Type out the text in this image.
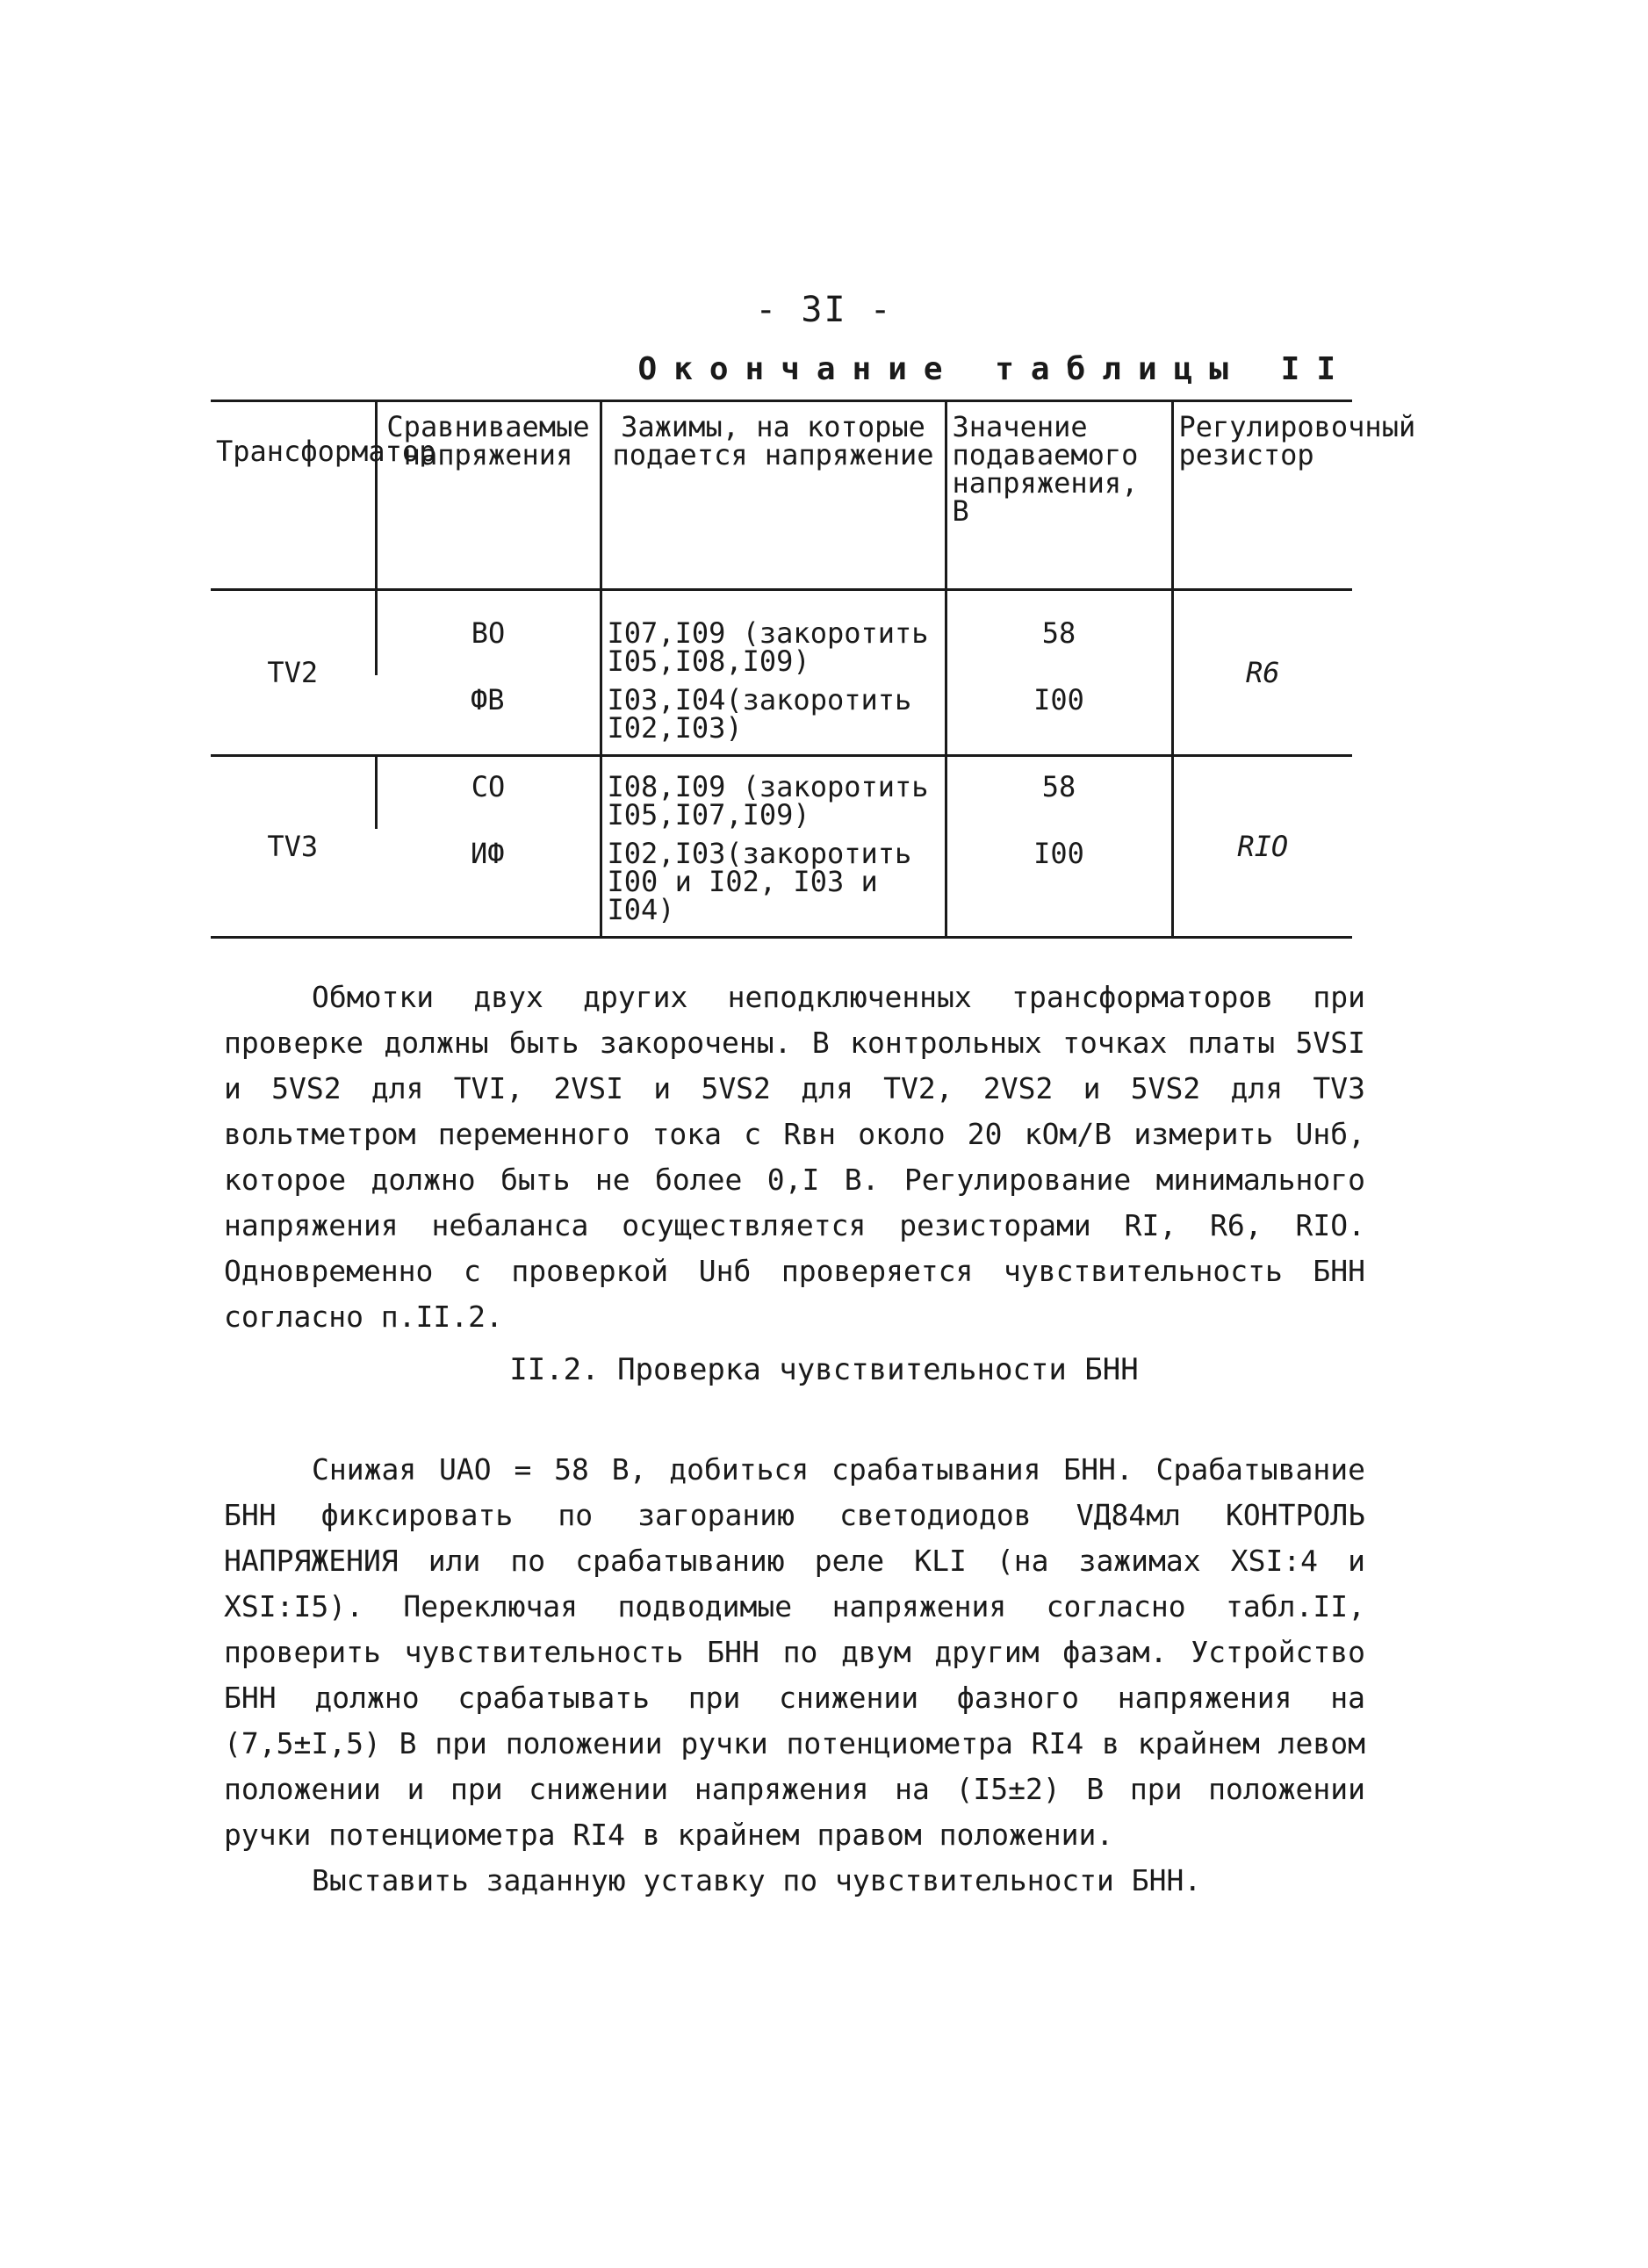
- 3I -
Окончание таблицы II
Трансформатор	Сравниваемые напряжения	Зажимы, на которые подается напряжение	Значение подаваемого напряжения, В	Регулировочный резистор
TV2	ВО	I07,I09 (закоротить I05,I08,I09)	58	R6
	ФВ	I03,I04(закоротить I02,I03)	I00	
TV3	СО	I08,I09 (закоротить I05,I07,I09)	58	RIO
	ИФ	I02,I03(закоротить I00 и I02, I03 и I04)	I00	

Обмотки двух других неподключенных трансформаторов при проверке должны быть закорочены. В контрольных точках платы 5VSI и 5VS2 для TVI, 2VSI и 5VS2 для TV2, 2VS2 и 5VS2 для TV3 вольтметром переменного тока с Rвн около 20 кОм/В измерить Uнб, которое должно быть не более 0,I В. Регулирование минимального напряжения небаланса осуществляется резисторами RI, R6, RIO. Одновременно с проверкой Uнб проверяется чувствительность БНН согласно п.II.2.

II.2. Проверка чувствительности БНН

Снижая UАО = 58 В, добиться срабатывания БНН. Срабатывание БНН фиксировать по загоранию светодиодов VД84мл КОНТРОЛЬ НАПРЯЖЕНИЯ или по срабатыванию реле KLI (на зажимах XSI:4 и XSI:I5). Переключая подводимые напряжения согласно табл.II, проверить чувствительность БНН по двум другим фазам. Устройство БНН должно срабатывать при снижении фазного напряжения на (7,5±I,5) В при положении ручки потенциометра RI4 в крайнем левом положении и при снижении напряжения на (I5±2) В при положении ручки потенциометра RI4 в крайнем правом положении.

Выставить заданную уставку по чувствительности БНН.
